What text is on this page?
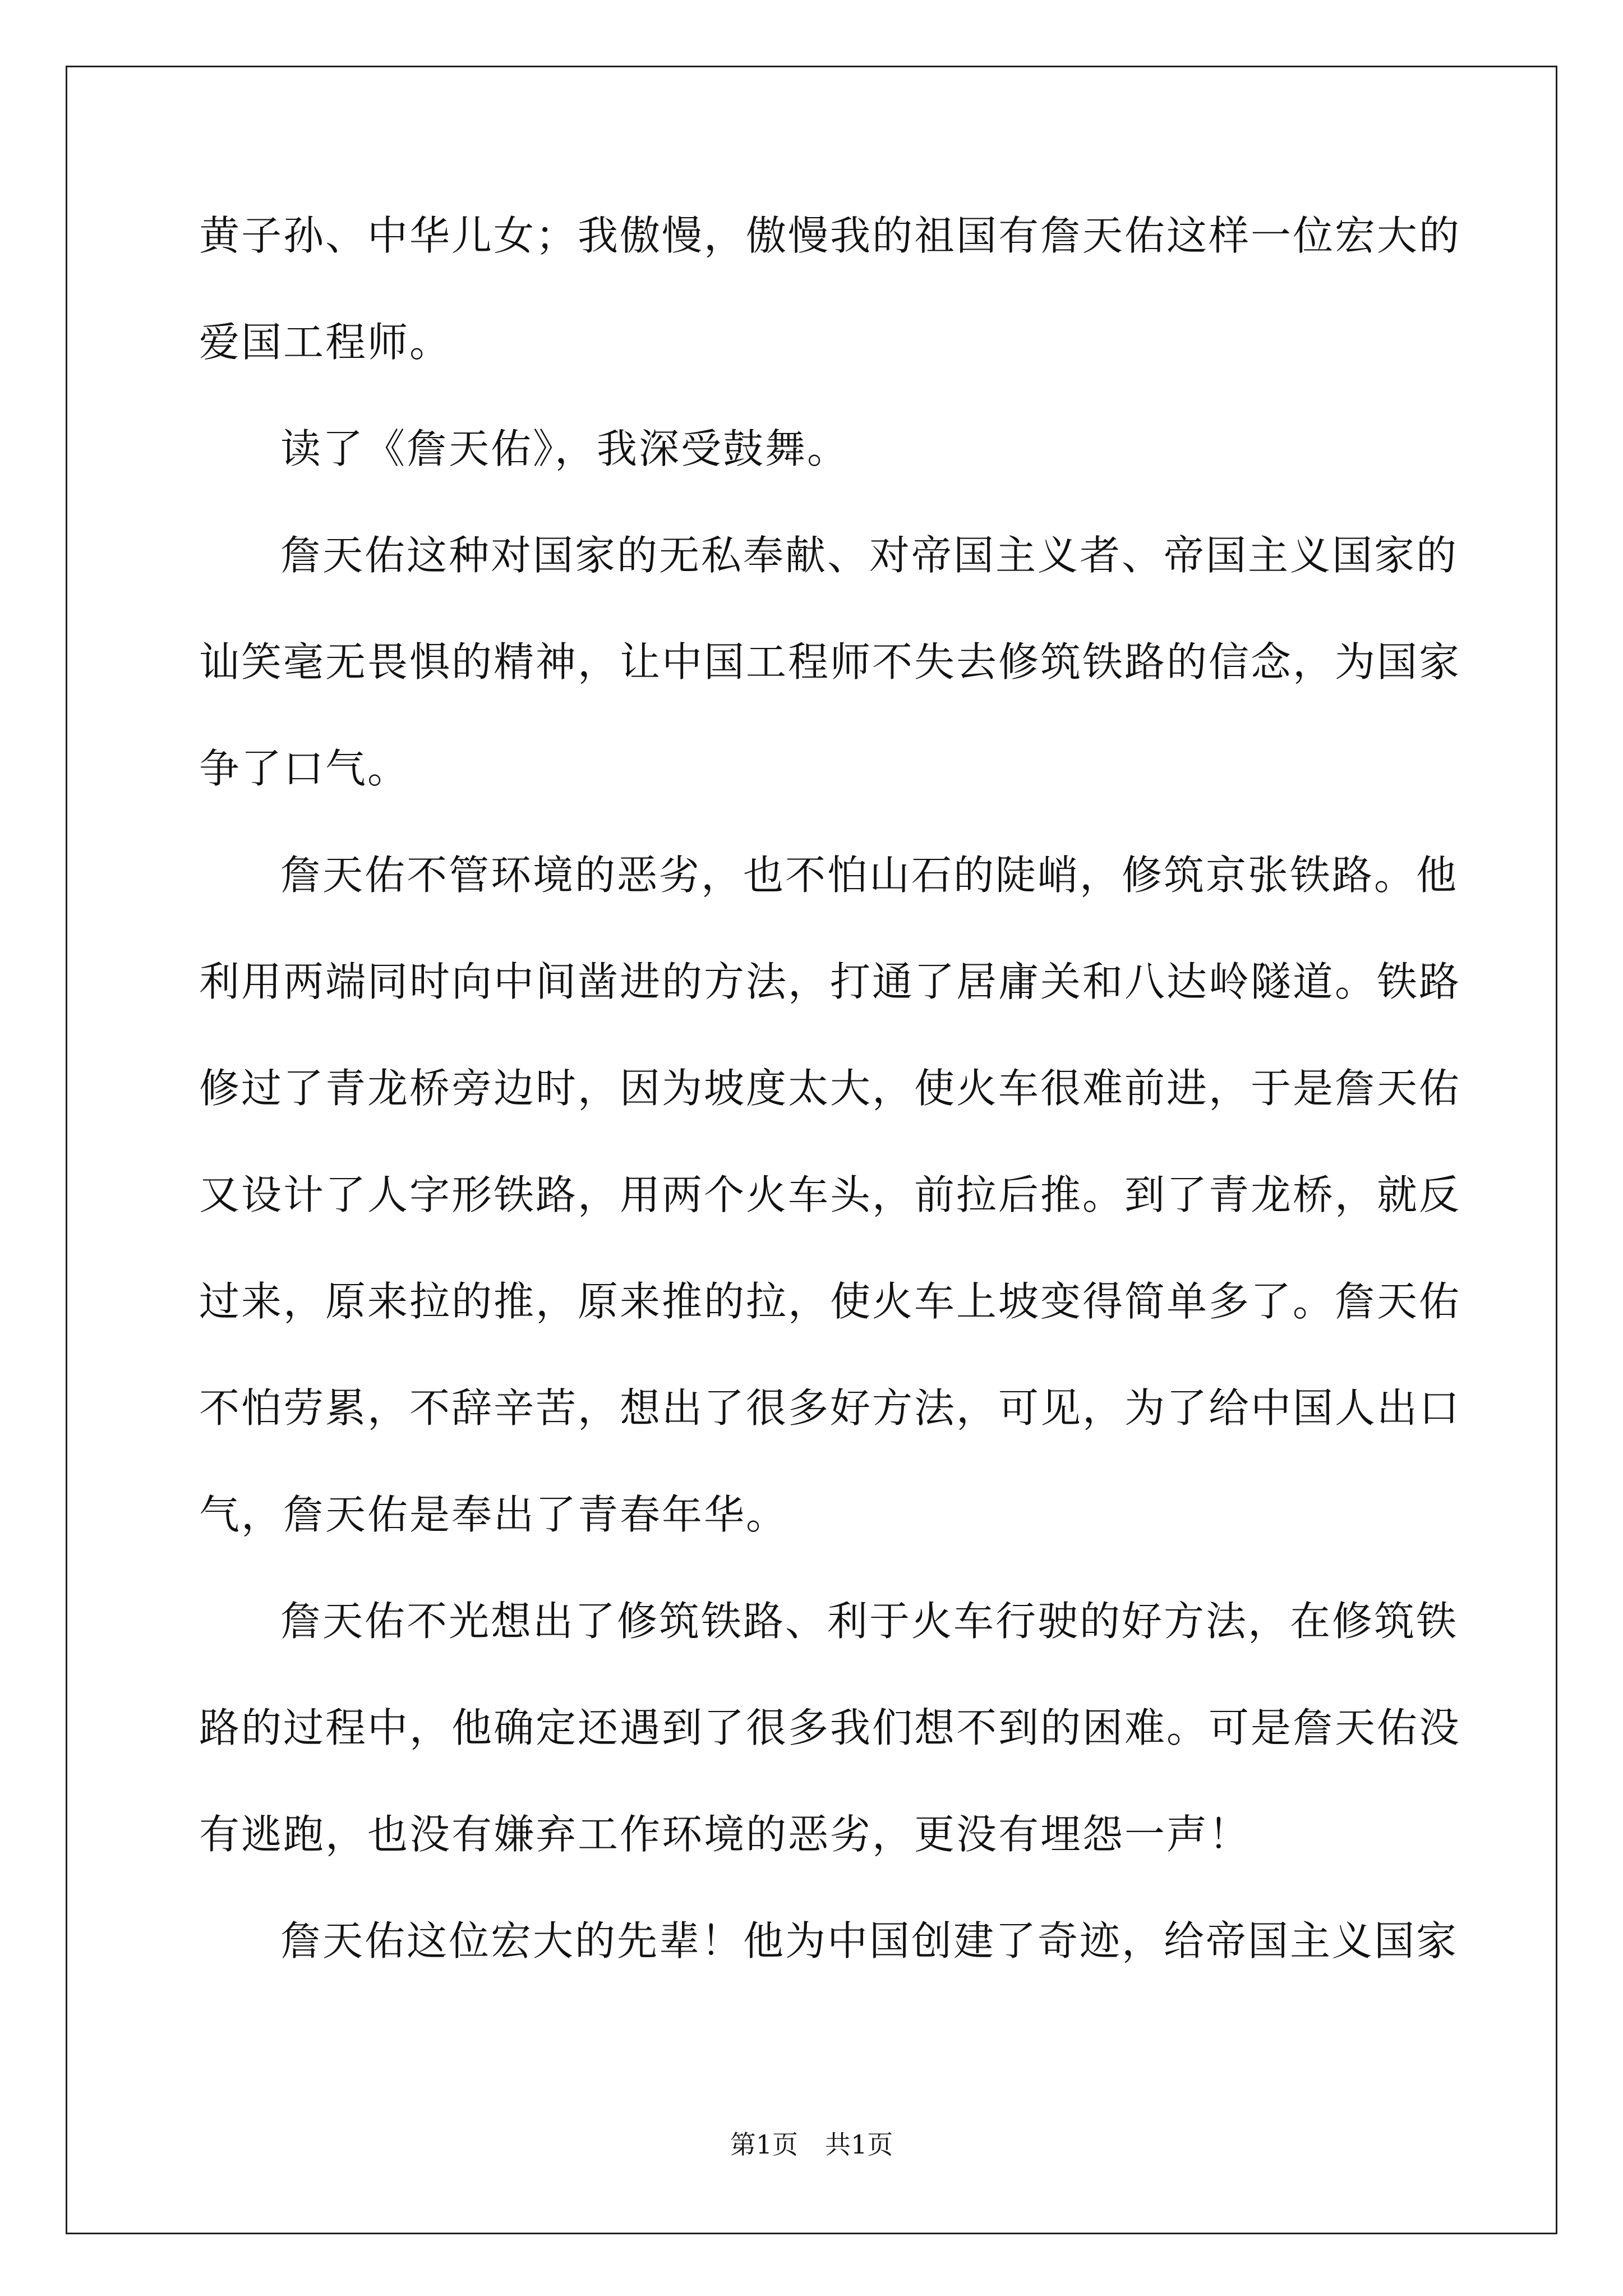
黄子孙、中华儿女；我傲慢，傲慢我的祖国有詹天佑这样一位宏大的
爱国工程师。
读了《詹天佑》，我深受鼓舞。
詹天佑这种对国家的无私奉献、对帝国主义者、帝国主义国家的
讪笑毫无畏惧的精神，让中国工程师不失去修筑铁路的信念，为国家
争了口气。
詹天佑不管环境的恶劣，也不怕山石的陡峭，修筑京张铁路。他
利用两端同时向中间凿进的方法，打通了居庸关和八达岭隧道。铁路
修过了青龙桥旁边时，因为坡度太大，使火车很难前进，于是詹天佑
又设计了人字形铁路，用两个火车头，前拉后推。到了青龙桥，就反
过来，原来拉的推，原来推的拉，使火车上坡变得简单多了。詹天佑
不怕劳累，不辞辛苦，想出了很多好方法，可见，为了给中国人出口
气，詹天佑是奉出了青春年华。
詹天佑不光想出了修筑铁路、利于火车行驶的好方法，在修筑铁
路的过程中，他确定还遇到了很多我们想不到的困难。可是詹天佑没
有逃跑，也没有嫌弃工作环境的恶劣，更没有埋怨一声！
詹天佑这位宏大的先辈！他为中国创建了奇迹，给帝国主义国家
第1页 共1页
